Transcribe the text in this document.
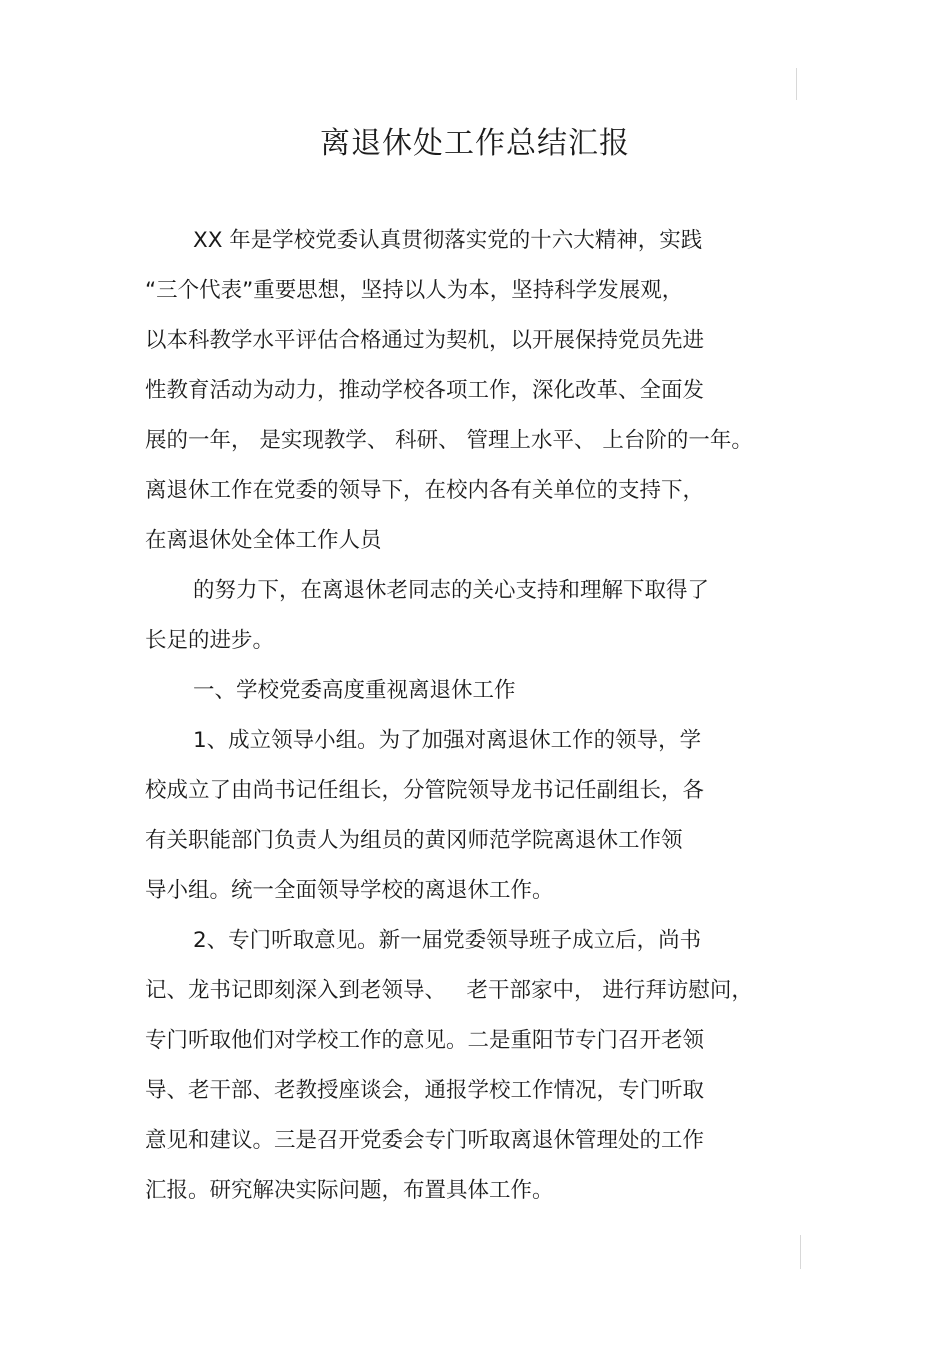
离退休处工作总结汇报
XX 年是学校党委认真贯彻落实党的十六大精神，实践
“三个代表”重要思想，坚持以人为本，坚持科学发展观，
以本科教学水平评估合格通过为契机，以开展保持党员先进
性教育活动为动力，推动学校各项工作，深化改革、全面发
展的一年， 是实现教学、 科研、 管理上水平、 上台阶的一年。
离退休工作在党委的领导下，在校内各有关单位的支持下，
在离退休处全体工作人员
的努力下，在离退休老同志的关心支持和理解下取得了
长足的进步。
一、学校党委高度重视离退休工作
1、成立领导小组。为了加强对离退休工作的领导，学
校成立了由尚书记任组长，分管院领导龙书记任副组长，各
有关职能部门负责人为组员的黄冈师范学院离退休工作领
导小组。统一全面领导学校的离退休工作。
2、专门听取意见。新一届党委领导班子成立后，尚书
记、龙书记即刻深入到老领导、   老干部家中， 进行拜访慰问，
专门听取他们对学校工作的意见。二是重阳节专门召开老领
导、老干部、老教授座谈会，通报学校工作情况，专门听取
意见和建议。三是召开党委会专门听取离退休管理处的工作
汇报。研究解决实际问题，布置具体工作。
